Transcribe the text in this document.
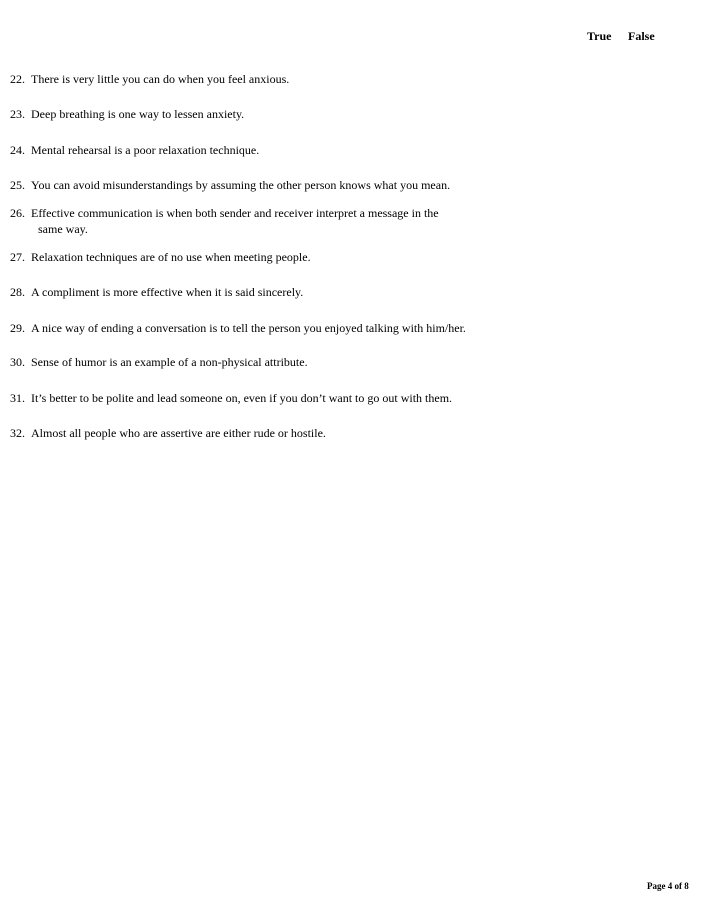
True False
22. There is very little you can do when you feel anxious.
23. Deep breathing is one way to lessen anxiety.
24. Mental rehearsal is a poor relaxation technique.
25. You can avoid misunderstandings by assuming the other person knows what you mean.
26. Effective communication is when both sender and receiver interpret a message in the
same way.
27. Relaxation techniques are of no use when meeting people.
28. A compliment is more effective when it is said sincerely.
29. A nice way of ending a conversation is to tell the person you enjoyed talking with him/her.
30. Sense of humor is an example of a non-physical attribute.
31. It’s better to be polite and lead someone on, even if you don’t want to go out with them.
32. Almost all people who are assertive are either rude or hostile.
Page 4 of 8
